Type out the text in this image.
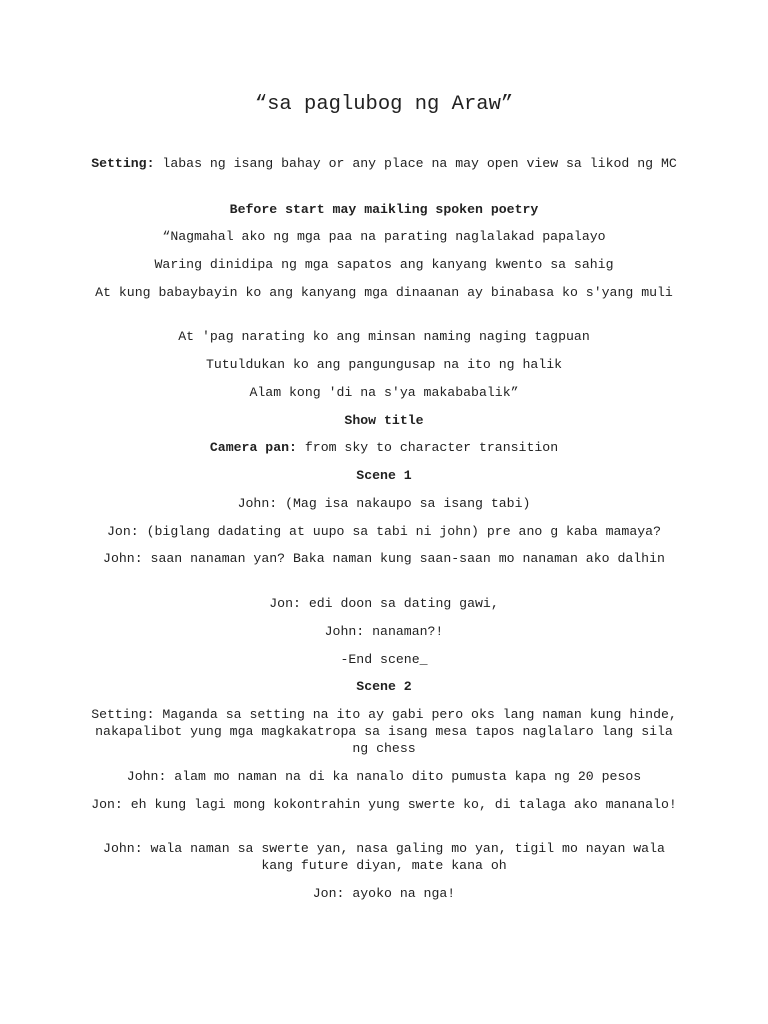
“sa paglubog ng Araw”
Setting: labas ng isang bahay or any place na may open view sa likod ng MC
Before start may maikling spoken poetry
“Nagmahal ako ng mga paa na parating naglalakad papalayo
Waring dinidipa ng mga sapatos ang kanyang kwento sa sahig
At kung babaybayin ko ang kanyang mga dinaanan ay binabasa ko s'yang muli
At 'pag narating ko ang minsan naming naging tagpuan
Tutuldukan ko ang pangungusap na ito ng halik
Alam kong 'di na s'ya makababalik”
Show title
Camera pan: from sky to character transition
Scene 1
John: (Mag isa nakaupo sa isang tabi)
Jon: (biglang dadating at uupo sa tabi ni john) pre ano g kaba mamaya?
John: saan nanaman yan? Baka naman kung saan-saan mo nanaman ako dalhin
Jon: edi doon sa dating gawi,
John: nanaman?!
-End scene_
Scene 2
Setting: Maganda sa setting na ito ay gabi pero oks lang naman kung hinde, nakapalibot yung mga magkakatropa sa isang mesa tapos naglalaro lang sila ng chess
John: alam mo naman na di ka nanalo dito pumusta kapa ng 20 pesos
Jon: eh kung lagi mong kokontrahin yung swerte ko, di talaga ako mananalo!
John: wala naman sa swerte yan, nasa galing mo yan, tigil mo nayan wala kang future diyan, mate kana oh
Jon: ayoko na nga!
